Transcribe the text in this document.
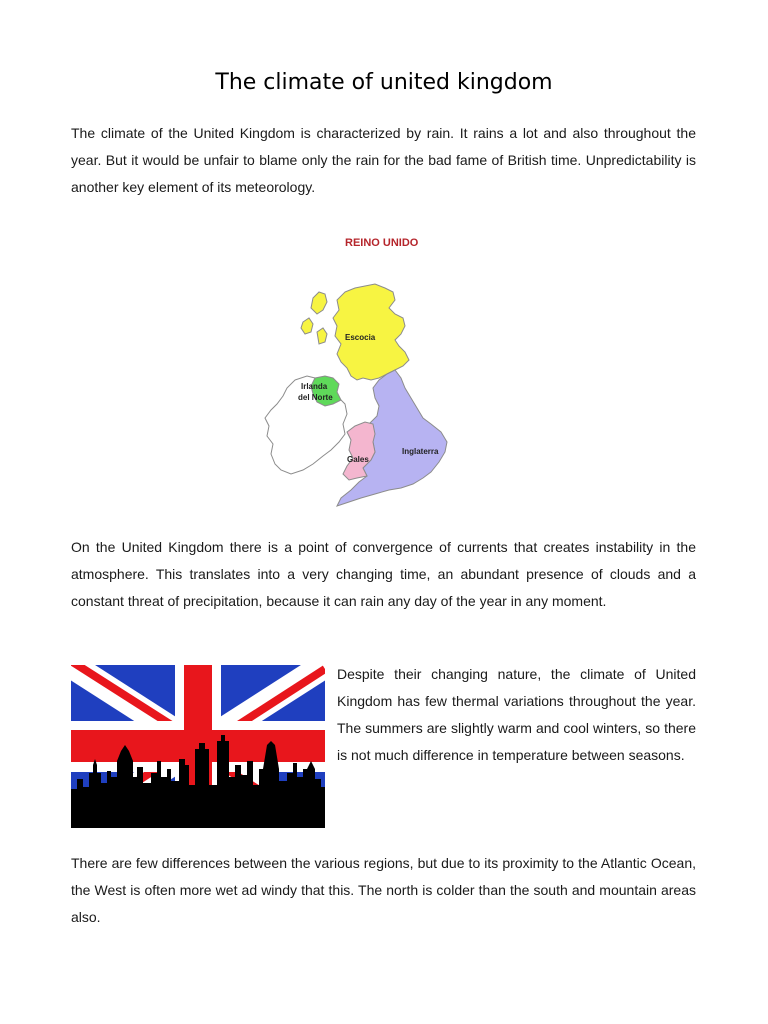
The climate of united kingdom

The climate of the United Kingdom is characterized by rain. It rains a lot and also throughout the year. But it would be unfair to blame only the rain for the bad fame of British time. Unpredictability is another key element of its meteorology.

REINO UNIDO
Escocia
Irlanda
del Norte
Gales
Inglaterra

On the United Kingdom there is a point of convergence of currents that creates instability in the atmosphere. This translates into a very changing time, an abundant presence of clouds and a constant threat of precipitation, because it can rain any day of the year in any moment.

Despite their changing nature, the climate of United Kingdom has few thermal variations throughout the year. The summers are slightly warm and cool winters, so there is not much difference in temperature between seasons.

There are few differences between the various regions, but due to its proximity to the Atlantic Ocean, the West is often more wet ad windy that this. The north is colder than the south and mountain areas also.
